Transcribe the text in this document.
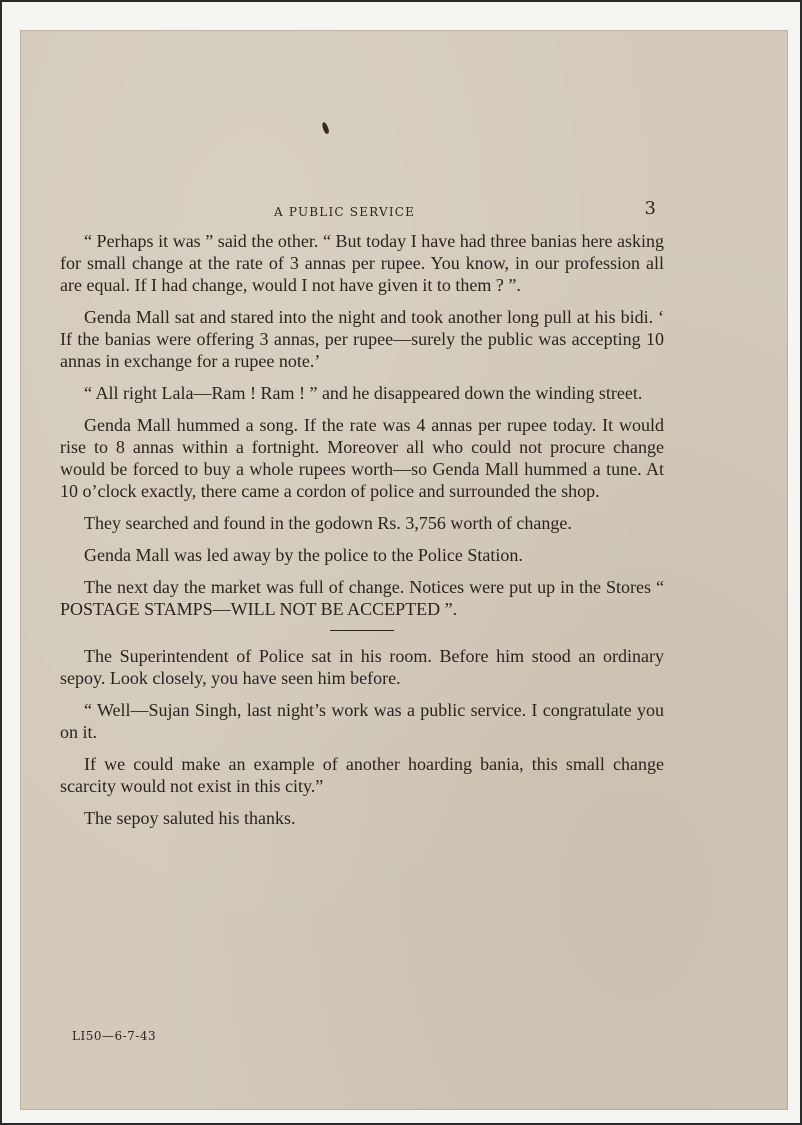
A PUBLIC SERVICE	3

“ Perhaps it was ” said the other. “ But today I have had three banias here asking for small change at the rate of 3 annas per rupee. You know, in our profession all are equal. If I had change, would I not have given it to them ? ”.

Genda Mall sat and stared into the night and took another long pull at his bidi. ‘ If the banias were offering 3 annas, per rupee—surely the public was accepting 10 annas in exchange for a rupee note.’

“ All right Lala—Ram ! Ram ! ” and he disappeared down the winding street.

Genda Mall hummed a song. If the rate was 4 annas per rupee today. It would rise to 8 annas within a fortnight. Moreover all who could not procure change would be forced to buy a whole rupees worth—so Genda Mall hummed a tune. At 10 o’clock exactly, there came a cordon of police and surrounded the shop.

They searched and found in the godown Rs. 3,756 worth of change.

Genda Mall was led away by the police to the Police Station.

The next day the market was full of change. Notices were put up in the Stores “ POSTAGE STAMPS—WILL NOT BE ACCEPTED ”.

The Superintendent of Police sat in his room. Before him stood an ordinary sepoy. Look closely, you have seen him before.

“ Well—Sujan Singh, last night’s work was a public service. I congratulate you on it.

If we could make an example of another hoarding bania, this small change scarcity would not exist in this city.”

The sepoy saluted his thanks.

LI50—6-7-43
